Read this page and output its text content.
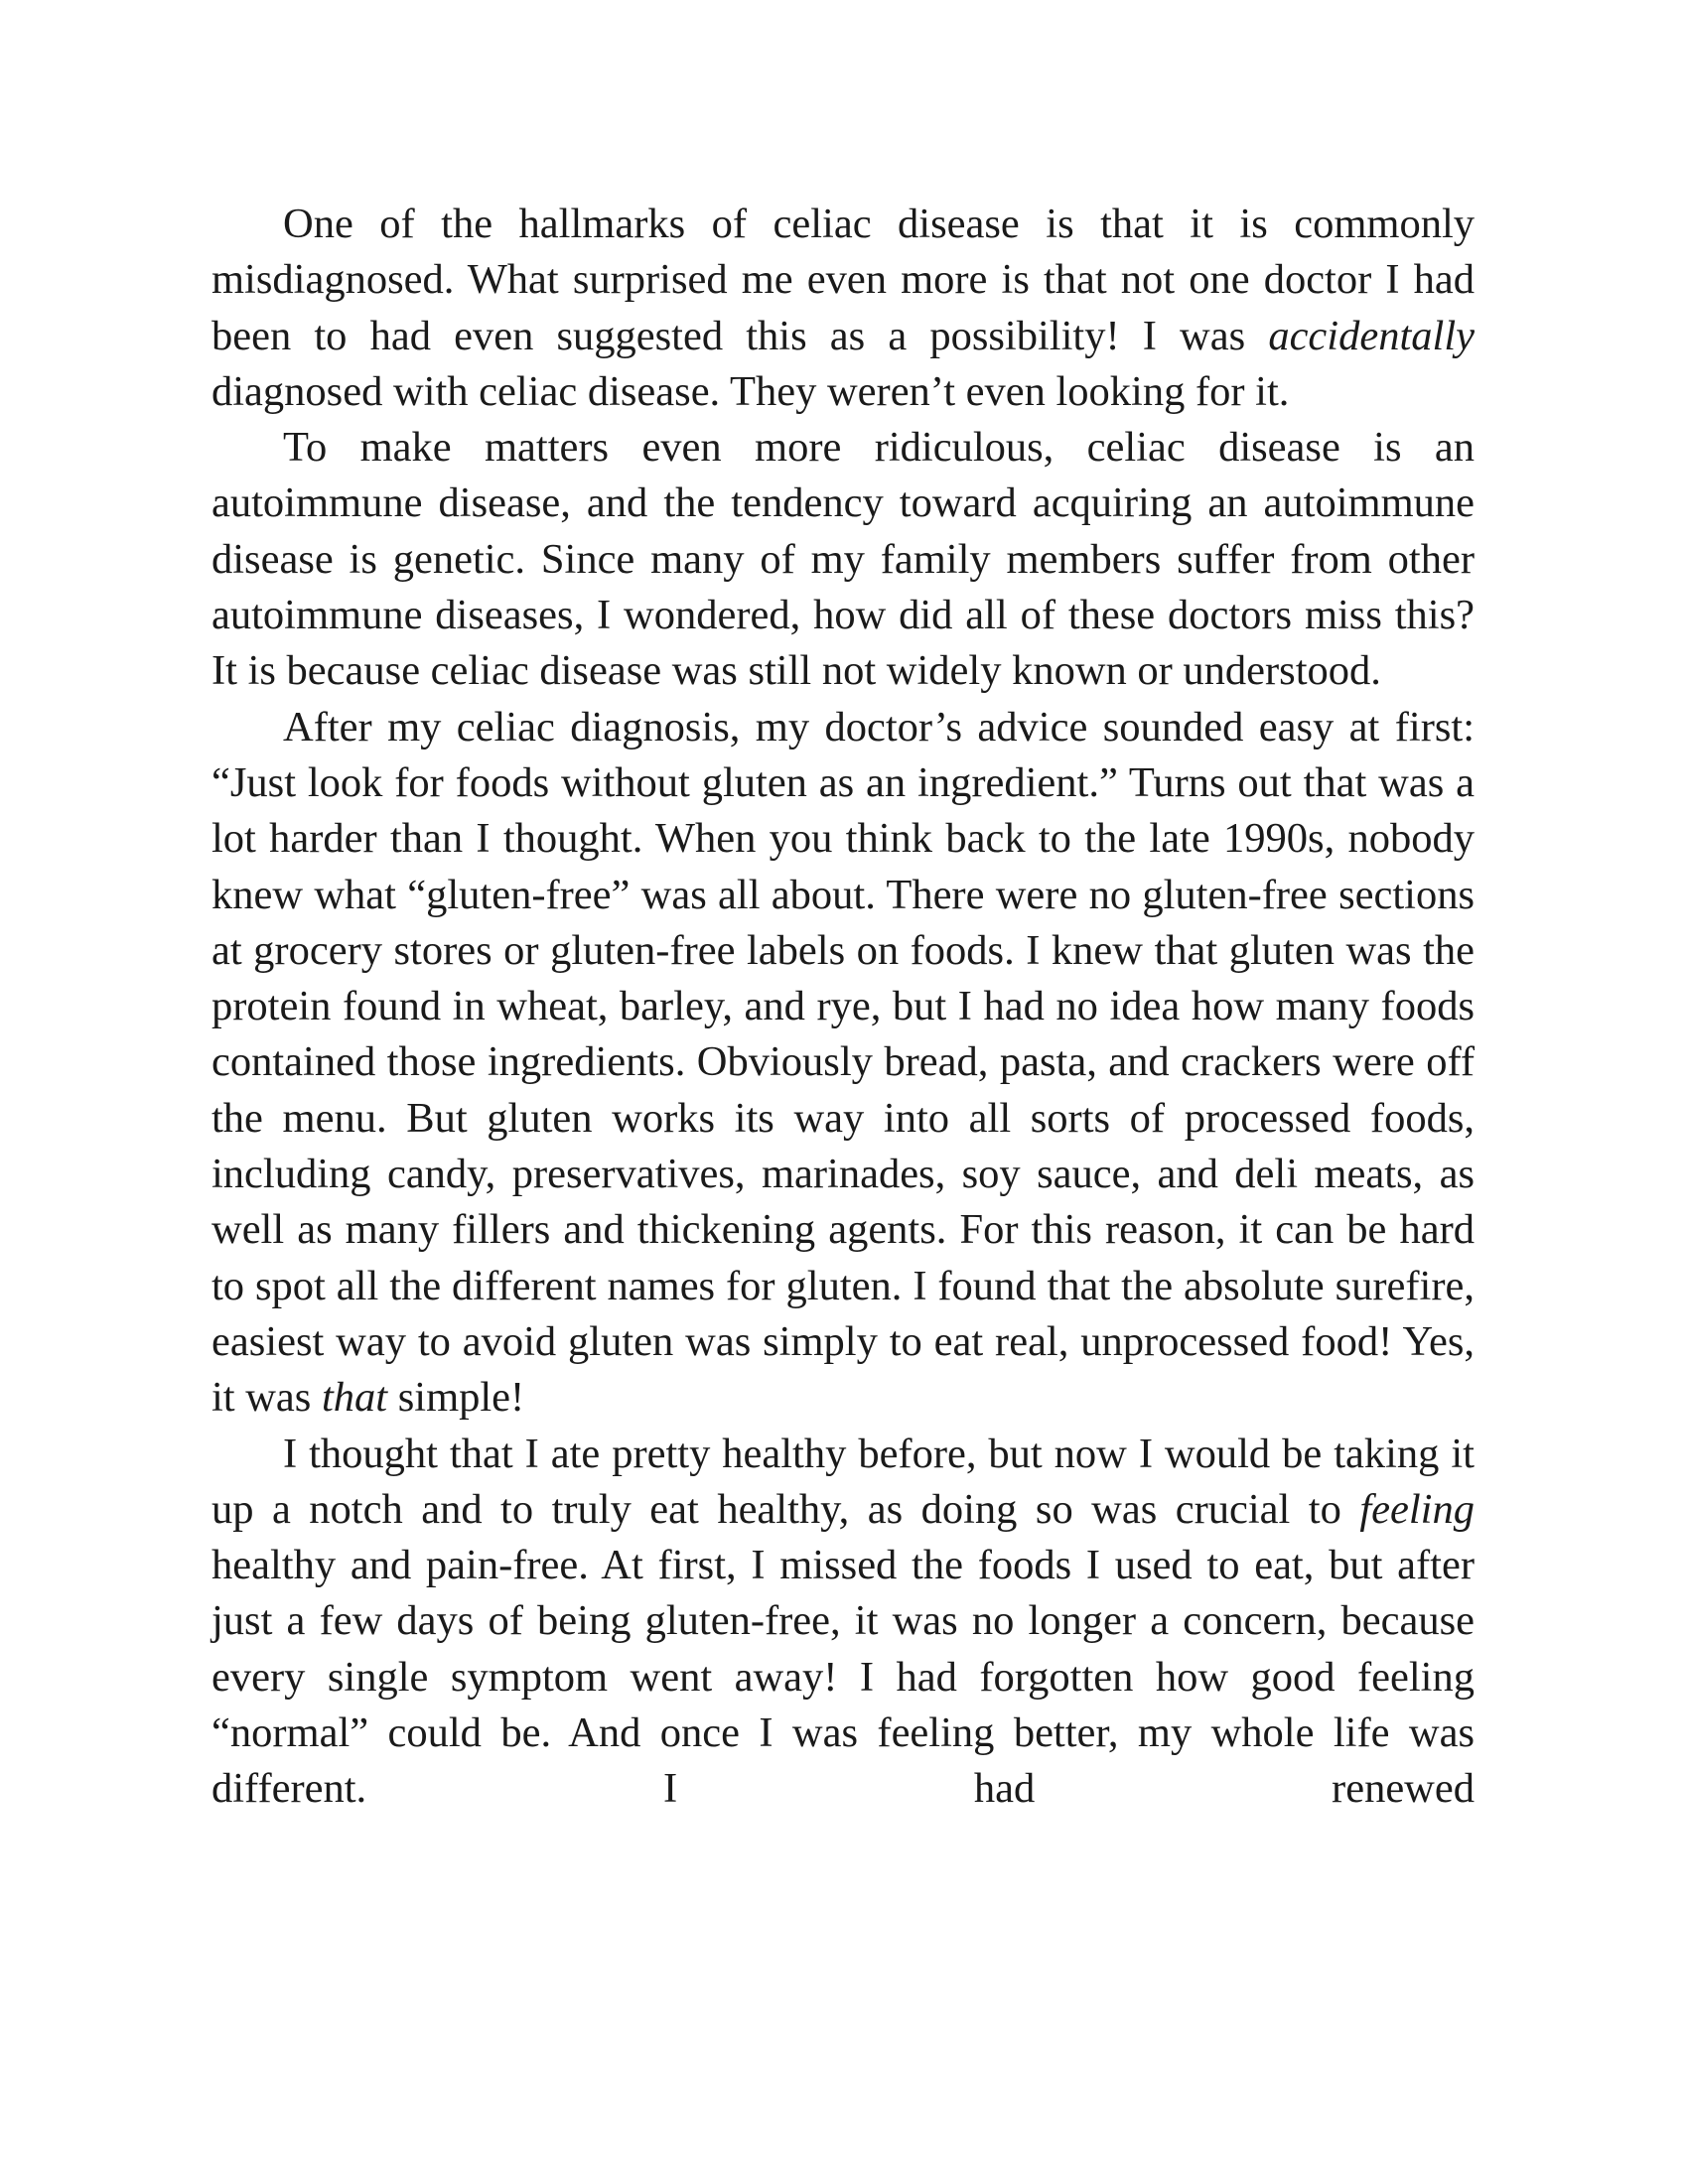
One of the hallmarks of celiac disease is that it is commonly misdiagnosed. What surprised me even more is that not one doctor I had been to had even suggested this as a possibility! I was accidentally diagnosed with celiac disease. They weren’t even looking for it.

To make matters even more ridiculous, celiac disease is an autoimmune disease, and the tendency toward acquiring an autoimmune disease is genetic. Since many of my family members suffer from other autoimmune diseases, I wondered, how did all of these doctors miss this? It is because celiac disease was still not widely known or understood.

After my celiac diagnosis, my doctor’s advice sounded easy at first: “Just look for foods without gluten as an ingredient.” Turns out that was a lot harder than I thought. When you think back to the late 1990s, nobody knew what “gluten-free” was all about. There were no gluten-free sections at grocery stores or gluten-free labels on foods. I knew that gluten was the protein found in wheat, barley, and rye, but I had no idea how many foods contained those ingredients. Obviously bread, pasta, and crackers were off the menu. But gluten works its way into all sorts of processed foods, including candy, preservatives, marinades, soy sauce, and deli meats, as well as many fillers and thickening agents. For this reason, it can be hard to spot all the different names for gluten. I found that the absolute surefire, easiest way to avoid gluten was simply to eat real, unprocessed food! Yes, it was that simple!

I thought that I ate pretty healthy before, but now I would be taking it up a notch and to truly eat healthy, as doing so was crucial to feeling healthy and pain-free. At first, I missed the foods I used to eat, but after just a few days of being gluten-free, it was no longer a concern, because every single symptom went away! I had forgotten how good feeling “normal” could be. And once I was feeling better, my whole life was different. I had renewed
